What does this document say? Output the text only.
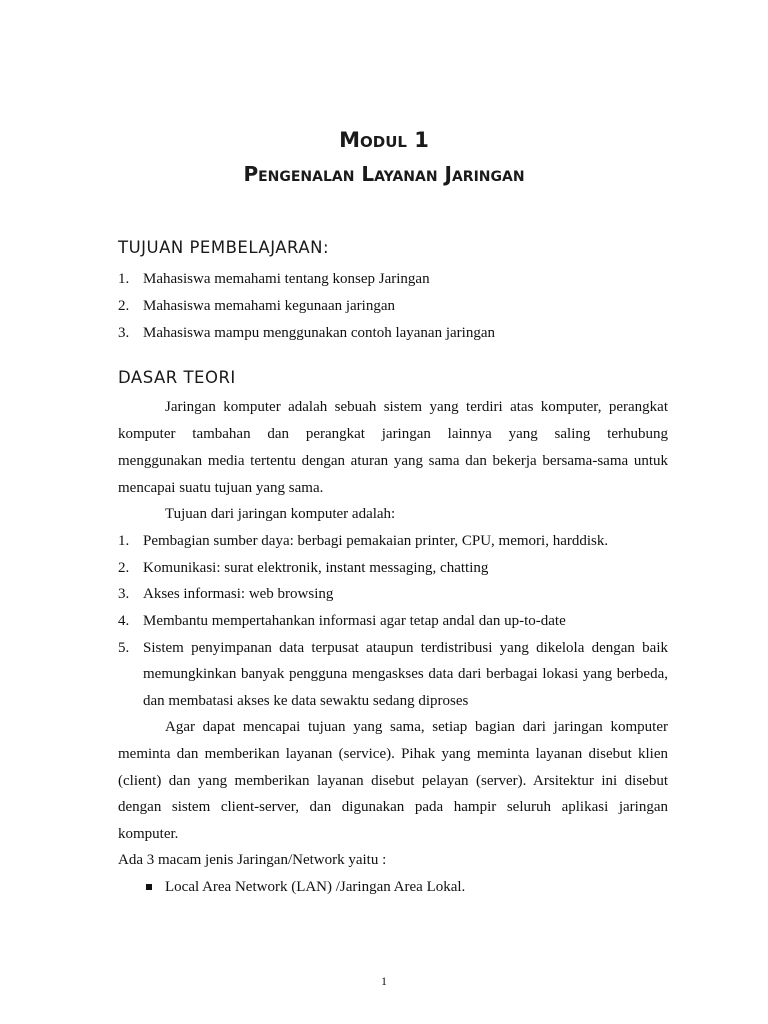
Modul 1
Pengenalan Layanan Jaringan
TUJUAN PEMBELAJARAN:
1. Mahasiswa memahami tentang konsep Jaringan
2. Mahasiswa memahami kegunaan jaringan
3. Mahasiswa mampu menggunakan contoh layanan jaringan
DASAR TEORI
Jaringan komputer adalah sebuah sistem yang terdiri atas komputer, perangkat
komputer tambahan dan perangkat jaringan lainnya yang saling terhubung
menggunakan media tertentu dengan aturan yang sama dan bekerja bersama-sama untuk
mencapai suatu tujuan yang sama.
Tujuan dari jaringan komputer adalah:
1. Pembagian sumber daya: berbagi pemakaian printer, CPU, memori, harddisk.
2. Komunikasi: surat elektronik, instant messaging, chatting
3. Akses informasi: web browsing
4. Membantu mempertahankan informasi agar tetap andal dan up-to-date
5. Sistem penyimpanan data terpusat ataupun terdistribusi yang dikelola dengan baik
memungkinkan banyak pengguna mengaskses data dari berbagai lokasi yang berbeda,
dan membatasi akses ke data sewaktu sedang diproses
Agar dapat mencapai tujuan yang sama, setiap bagian dari jaringan komputer
meminta dan memberikan layanan (service). Pihak yang meminta layanan disebut klien
(client) dan yang memberikan layanan disebut pelayan (server). Arsitektur ini disebut
dengan sistem client-server, dan digunakan pada hampir seluruh aplikasi jaringan
komputer.
Ada 3 macam jenis Jaringan/Network yaitu :
Local Area Network (LAN) /Jaringan Area Lokal.
1
